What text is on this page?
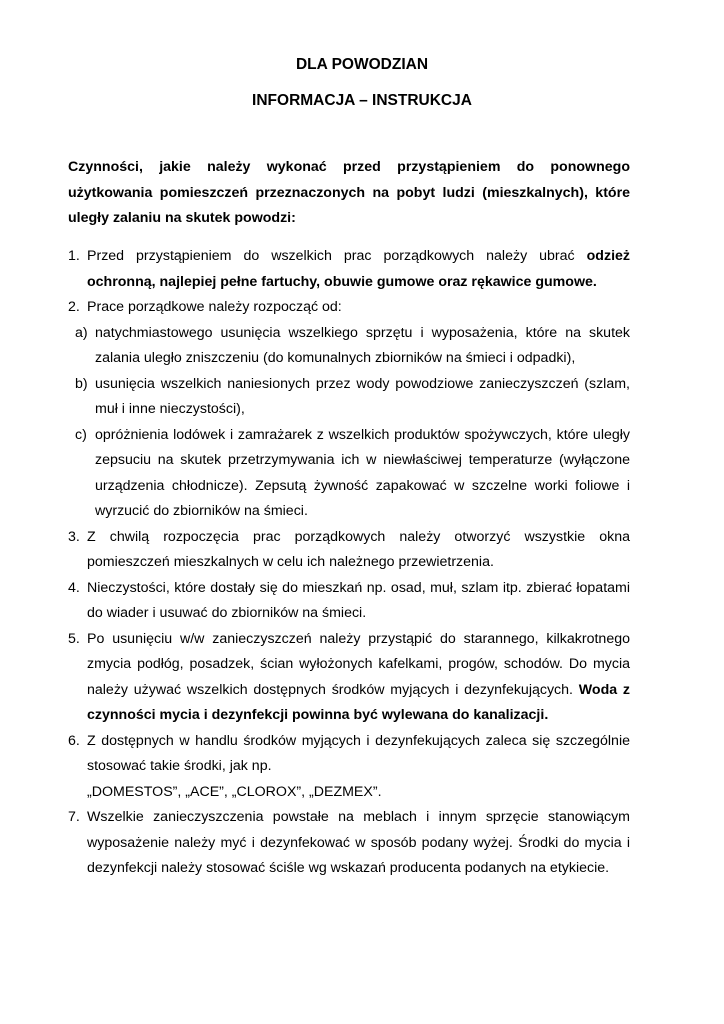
DLA POWODZIAN
INFORMACJA – INSTRUKCJA
Czynności, jakie należy wykonać przed przystąpieniem do ponownego użytkowania pomieszczeń przeznaczonych na pobyt ludzi (mieszkalnych), które uległy zalaniu na skutek powodzi:
1. Przed przystąpieniem do wszelkich prac porządkowych należy ubrać odzież ochronną, najlepiej pełne fartuchy, obuwie gumowe oraz rękawice gumowe.
2. Prace porządkowe należy rozpocząć od:
a) natychmiastowego usunięcia wszelkiego sprzętu i wyposażenia, które na skutek zalania uległo zniszczeniu (do komunalnych zbiorników na śmieci i odpadki),
b) usunięcia wszelkich naniesionych przez wody powodziowe zanieczyszczeń (szlam, muł i inne nieczystości),
c) opróżnienia lodówek i zamrażarek z wszelkich produktów spożywczych, które uległy zepsuciu na skutek przetrzymywania ich w niewłaściwej temperaturze (wyłączone urządzenia chłodnicze). Zepsutą żywność zapakować w szczelne worki foliowe i wyrzucić do zbiorników na śmieci.
3. Z chwilą rozpoczęcia prac porządkowych należy otworzyć wszystkie okna pomieszczeń mieszkalnych w celu ich należnego przewietrzenia.
4. Nieczystości, które dostały się do mieszkań np. osad, muł, szlam itp. zbierać łopatami do wiader i usuwać do zbiorników na śmieci.
5. Po usunięciu w/w zanieczyszczeń należy przystąpić do starannego, kilkakrotnego zmycia podłóg, posadzek, ścian wyłożonych kafelkami, progów, schodów. Do mycia należy używać wszelkich dostępnych środków myjących i dezynfekujących. Woda z czynności mycia i dezynfekcji powinna być wylewana do kanalizacji.
6. Z dostępnych w handlu środków myjących i dezynfekujących zaleca się szczególnie stosować takie środki, jak np.
„DOMESTOS”, „ACE”, „CLOROX”, „DEZMEX”.
7. Wszelkie zanieczyszczenia powstałe na meblach i innym sprzęcie stanowiącym wyposażenie należy myć i dezynfekować w sposób podany wyżej. Środki do mycia i dezynfekcji należy stosować ściśle wg wskazań producenta podanych na etykiecie.
